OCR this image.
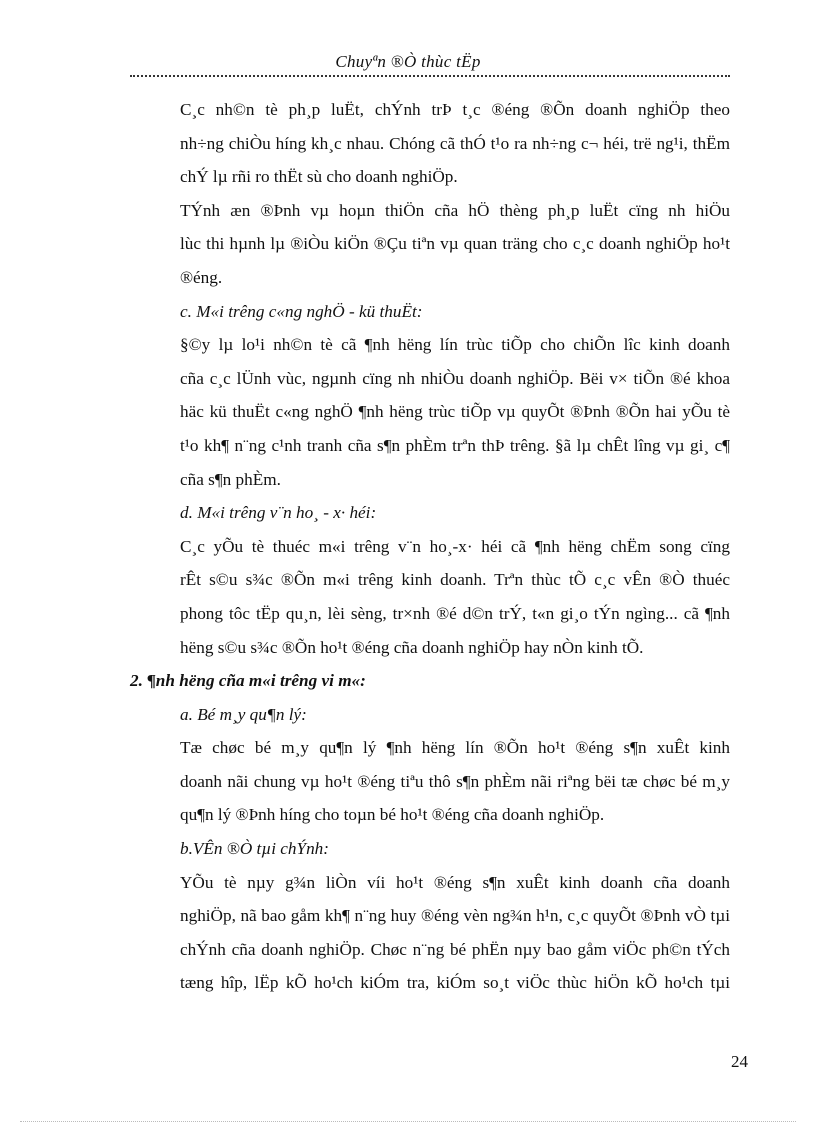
Chuyªn ®Ò thùc tËp

C¸c nh©n tè ph¸p luËt, chÝnh trÞ t¸c ®éng ®Õn doanh nghiÖp theo
nh÷ng chiÒu híng kh¸c nhau. Chóng cã thÓ t¹o ra nh÷ng c¬ héi, trë ng¹i, thËm
chÝ lµ rñi ro thËt sù cho doanh nghiÖp.

TÝnh æn ®Þnh vµ hoµn thiÖn cña hÖ thèng ph¸p luËt cïng nh hiÖu
lùc thi hµnh lµ ®iÒu kiÖn ®Çu tiªn vµ quan träng cho c¸c doanh nghiÖp ho¹t
®éng.

c. M«i trêng c«ng nghÖ - kü thuËt:

§©y lµ lo¹i nh©n tè cã ¶nh hëng lín trùc tiÕp cho chiÕn lîc kinh doanh
cña c¸c lÜnh vùc, ngµnh cïng nh nhiÒu doanh nghiÖp. Bëi v× tiÕn ®é khoa
häc kü thuËt c«ng nghÖ ¶nh hëng trùc tiÕp vµ quyÕt ®Þnh ®Õn hai yÕu tè
t¹o kh¶ n¨ng c¹nh tranh cña s¶n phÈm trªn thÞ trêng. §ã lµ chÊt lîng vµ gi¸ c¶
cña s¶n phÈm.

d. M«i trêng v¨n ho¸ - x· héi:

C¸c yÕu tè thuéc m«i trêng v¨n ho¸-x· héi cã ¶nh hëng chËm song cïng
rÊt s©u s¾c ®Õn m«i trêng kinh doanh. Trªn thùc tÕ c¸c vÊn ®Ò thuéc
phong tôc tËp qu¸n, lèi sèng, tr×nh ®é d©n trÝ, t«n gi¸o tÝn ngìng... cã ¶nh
hëng s©u s¾c ®Õn ho¹t ®éng cña doanh nghiÖp hay nÒn kinh tÕ.

2. ¶nh hëng cña m«i trêng vi m«:

a. Bé m¸y qu¶n lý:

Tæ chøc bé m¸y qu¶n lý ¶nh hëng lín ®Õn ho¹t ®éng s¶n xuÊt kinh
doanh nãi chung vµ ho¹t ®éng tiªu thô s¶n phÈm nãi riªng bëi tæ chøc bé m¸y
qu¶n lý ®Þnh híng cho toµn bé ho¹t ®éng cña doanh nghiÖp.

b.VÊn ®Ò tµi chÝnh:

YÕu tè nµy g¾n liÒn víi ho¹t ®éng s¶n xuÊt kinh doanh cña doanh
nghiÖp, nã bao gåm kh¶ n¨ng huy ®éng vèn ng¾n h¹n, c¸c quyÕt ®Þnh vÒ tµi
chÝnh cña doanh nghiÖp. Chøc n¨ng bé phËn nµy bao gåm viÖc ph©n tÝch
tæng hîp, lËp kÕ ho¹ch kiÓm tra, kiÓm so¸t viÖc thùc hiÖn kÕ ho¹ch tµi

24
